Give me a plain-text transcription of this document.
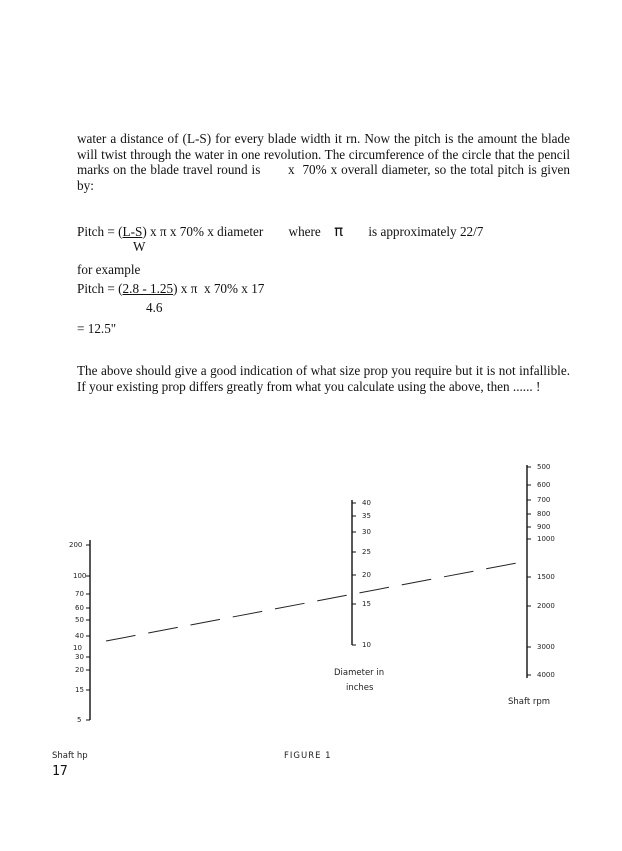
water a distance of (L-S) for every blade width it rn. Now the pitch is the amount the blade will twist through the water in one revolution. The circumference of the circle that the pencil marks on the blade travel round is       x  70% x overall diameter, so the total pitch is given by:
Pitch = (L-S) x π x 70% x diameter where π is approximately 22/7
W
for example
Pitch = (2.8 - 1.25) x π  x 70% x 17
4.6
= 12.5"
The above should give a good indication of what size prop you require but it is not infallible. If your existing prop differs greatly from what you calculate using the above, then ...... !
200
100
70
60
50
40
30
20
15
5
10
40
35
30
25
20
15
10
Diameter in
inches
500
600
700
800
900
1000
1500
2000
3000
4000
Shaft rpm
Shaft hp	FIGURE 1
17
